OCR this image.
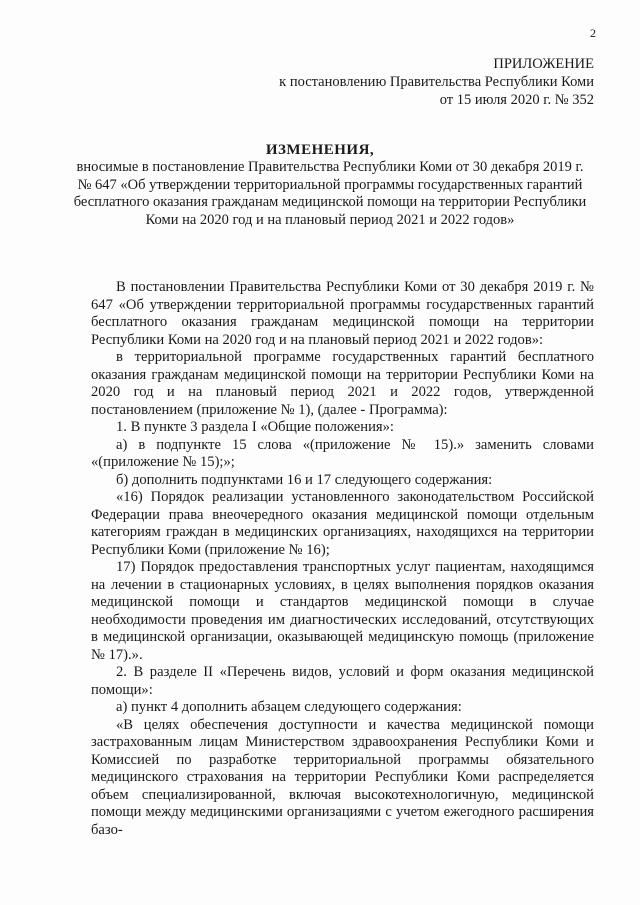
2
ПРИЛОЖЕНИЕ
к постановлению Правительства Республики Коми
от 15 июля 2020 г. № 352
ИЗМЕНЕНИЯ,
вносимые в постановление Правительства Республики Коми от 30 декабря 2019 г. № 647 «Об утверждении территориальной программы государственных гарантий бесплатного оказания гражданам медицинской помощи на территории Республики Коми на 2020 год и на плановый период 2021 и 2022 годов»

В постановлении Правительства Республики Коми от 30 декабря 2019 г. № 647 «Об утверждении территориальной программы государственных гарантий бесплатного оказания гражданам медицинской помощи на территории Республики Коми на 2020 год и на плановый период 2021 и 2022 годов»:

в территориальной программе государственных гарантий бесплатного оказания гражданам медицинской помощи на территории Республики Коми на 2020 год и на плановый период 2021 и 2022 годов, утвержденной постановлением (приложение № 1), (далее - Программа):

1. В пункте 3 раздела I «Общие положения»:

а) в подпункте 15 слова «(приложение № 15).» заменить словами «(приложение № 15);»;

б) дополнить подпунктами 16 и 17 следующего содержания:

«16) Порядок реализации установленного законодательством Российской Федерации права внеочередного оказания медицинской помощи отдельным категориям граждан в медицинских организациях, находящихся на территории Республики Коми (приложение № 16);

17) Порядок предоставления транспортных услуг пациентам, находящимся на лечении в стационарных условиях, в целях выполнения порядков оказания медицинской помощи и стандартов медицинской помощи в случае необходимости проведения им диагностических исследований, отсутствующих в медицинской организации, оказывающей медицинскую помощь (приложение № 17).».

2. В разделе II «Перечень видов, условий и форм оказания медицинской помощи»:

а) пункт 4 дополнить абзацем следующего содержания:

«В целях обеспечения доступности и качества медицинской помощи застрахованным лицам Министерством здравоохранения Республики Коми и Комиссией по разработке территориальной программы обязательного медицинского страхования на территории Республики Коми распределяется объем специализированной, включая высокотехнологичную, медицинской помощи между медицинскими организациями с учетом ежегодного расширения базо-
